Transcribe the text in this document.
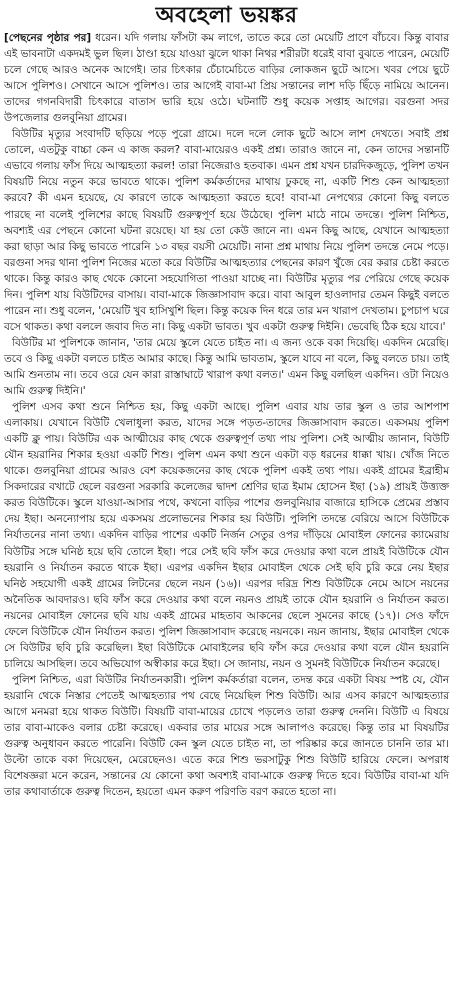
অবহেলা ভয়ঙ্কর

[পেছনের পৃষ্ঠার পর] ধরেন। যদি গলায় ফাঁসটা কম লাগে, তাতে করে তো মেয়েটি প্রাণে বাঁচবে। কিন্তু বাবার এই ভাবনাটা একদমই ভুল ছিল। ঠাণ্ডা হয়ে যাওয়া ঝুলে থাকা নিথর শরীরটা ধরেই বাবা বুঝতে পারেন, মেয়েটি চলে গেছে আরও অনেক আগেই। তার চিৎকার চেঁচামেচিতে বাড়ির লোকজন ছুটে আসে। খবর পেয়ে ছুটে আসে পুলিশও। সেখানে আসে পুলিশও। তার আগেই বাবা-মা প্রিয় সন্তানের লাশ দড়ি ছিঁড়ে নামিয়ে আনেন। তাদের গগনবিদারী চিৎকারে বাতাস ভারি হয়ে ওঠে। ঘটনাটি শুধু কয়েক সপ্তাহ আগের। বরগুনা সদর উপজেলার গুলবুনিয়া গ্রামের।

বিউটির মৃত্যুর সংবাদটি ছড়িয়ে পড়ে পুরো গ্রামে। দলে দলে লোক ছুটে আসে লাশ দেখতে। সবাই প্রশ্ন তোলে, এতটুকু বাচ্চা কেন এ কাজ করল? বাবা-মায়েরও একই প্রশ্ন। তারাও জানে না, কেন তাদের সন্তানটি এভাবে গলায় ফাঁস দিয়ে আত্মহত্যা করল! তারা নিজেরাও হতবাক। এমন প্রশ্ন যখন চারদিকজুড়ে, পুলিশ তখন বিষয়টি নিয়ে নতুন করে ভাবতে থাকে। পুলিশ কর্মকর্তাদের মাথায় ঢুকছে না, একটি শিশু কেন আত্মহত্যা করবে? কী এমন হয়েছে, যে কারণে তাকে আত্মহত্যা করতে হবে! বাবা-মা নেপথ্যের কোনো কিছু বলতে পারছে না বলেই পুলিশের কাছে বিষয়টি গুরুত্বপূর্ণ হয়ে উঠেছে। পুলিশ মাঠে নামে তদন্তে। পুলিশ নিশ্চিত, অবশ্যই এর পেছনে কোনো ঘটনা রয়েছে। যা হয় তো কেউ জানে না। এমন কিছু আছে, যেখানে আত্মহত্যা করা ছাড়া আর কিছু ভাবতে পারেনি ১৩ বছর বয়সী মেয়েটি। নানা প্রশ্ন মাথায় নিয়ে পুলিশ তদন্তে নেমে পড়ে। বরগুনা সদর থানা পুলিশ নিজের মতো করে বিউটির আত্মহত্যার পেছনের কারণ খুঁজে বের করার চেষ্টা করতে থাকে। কিন্তু কারও কাছ থেকে কোনো সহযোগিতা পাওয়া যাচ্ছে না। বিউটির মৃত্যুর পর পেরিয়ে গেছে কয়েক দিন। পুলিশ যায় বিউটিদের বাসায়। বাবা-মাকে জিজ্ঞাসাবাদ করে। বাবা আবুল হাওলাদার তেমন কিছুই বলতে পারেন না। শুধু বলেন, 'মেয়েটি খুব হাসিখুশি ছিল। কিন্তু কয়েক দিন ধরে তার মন খারাপ দেখতাম। চুপচাপ ঘরে বসে থাকত। কথা বললে জবাব দিত না। কিছু একটা ভাবত। খুব একটা গুরুত্ব দিইনি। ভেবেছি ঠিক হয়ে যাবে।'

বিউটির মা পুলিশকে জানান, 'তার মেয়ে স্কুলে যেতে চাইত না। এ জন্য ওকে বকা দিয়েছি। একদিন মেরেছি। তবে ও কিছু একটা বলতে চাইত আমার কাছে। কিন্তু আমি ভাবতাম, স্কুলে যাবে না বলে, কিছু বলতে চায়। তাই আমি শুনতাম না। তবে ওরে যেন কারা রাস্তাঘাটে খারাপ কথা বলত।' এমন কিছু বলছিল একদিন। ওটা নিয়েও আমি গুরুত্ব দিইনি।'

পুলিশ এসব কথা শুনে নিশ্চিত হয়, কিছু একটা আছে। পুলিশ এবার যায় তার স্কুল ও তার আশপাশ এলাকায়। যেখানে বিউটি খেলাধুলা করত, যাদের সঙ্গে পড়ত-তাদের জিজ্ঞাসাবাদ করতে। একসময় পুলিশ একটি ক্লু পায়। বিউটির এক আত্মীয়ের কাছ থেকে গুরুত্বপূর্ণ তথ্য পায় পুলিশ। সেই আত্মীয় জানান, বিউটি যৌন হয়রানির শিকার হওয়া একটি শিশু। পুলিশ এমন কথা শুনে একটা বড় ধরনের ধাক্কা খায়। খোঁজ নিতে থাকে। গুলবুনিয়া গ্রামের আরও বেশ কয়েকজনের কাছ থেকে পুলিশ একই তথ্য পায়। একই গ্রামের ইব্রাহীম সিকদারের বখাটে ছেলে বরগুনা সরকারি কলেজের দ্বাদশ শ্রেণির ছাত্র ইমাম হোসেন ইছা (১৯) প্রায়ই উত্ত্যক্ত করত বিউটিকে। স্কুলে যাওয়া-আসার পথে, কখনো বাড়ির পাশের গুলবুনিয়ার বাজারে হাসিকে প্রেমের প্রস্তাব দেয় ইছা। অনন্যোপায় হয়ে একসময় প্রলোভনের শিকার হয় বিউটি। পুলিশি তদন্তে বেরিয়ে আসে বিউটিকে নির্যাতনের নানা তথ্য। একদিন বাড়ির পাশের একটি নির্জন সেতুর ওপর দাঁড়িয়ে মোবাইল ফোনের ক্যামেরায় বিউটির সঙ্গে ঘনিষ্ঠ হয়ে ছবি তোলে ইছা। পরে সেই ছবি ফাঁস করে দেওয়ার কথা বলে প্রায়ই বিউটিকে যৌন হয়রানি ও নির্যাতন করতে থাকে ইছা। এরপর একদিন ইছার মোবাইল থেকে সেই ছবি চুরি করে নেয় ইছার ঘনিষ্ঠ সহযোগী একই গ্রামের লিটনের ছেলে নয়ন (১৬)। এরপর দরিদ্র শিশু বিউটিকে নেমে আসে নয়নের অনৈতিক আবদারও। ছবি ফাঁস করে দেওয়ার কথা বলে নয়নও প্রায়ই তাকে যৌন হয়রানি ও নির্যাতন করত। নয়নের মোবাইল ফোনের ছবি যায় একই গ্রামের মাহতাব আকনের ছেলে সুমনের কাছে (১৭)। সেও ফাঁদে ফেলে বিউটিকে যৌন নির্যাতন করত। পুলিশ জিজ্ঞাসাবাদ করেছে নয়নকে। নয়ন জানায়, ইছার মোবাইল থেকে সে বিউটির ছবি চুরি করেছিল। ইছা বিউটিকে মোবাইলের ছবি ফাঁস করে দেওয়ার কথা বলে যৌন হয়রানি চালিয়ে আসছিল। তবে অভিযোগ অস্বীকার করে ইছা। সে জানায়, নয়ন ও সুমনই বিউটিকে নির্যাতন করেছে।

পুলিশ নিশ্চিত, এরা বিউটির নির্যাতনকারী। পুলিশ কর্মকর্তারা বলেন, তদন্ত করে একটা বিষয় স্পষ্ট যে, যৌন হয়রানি থেকে নিস্তার পেতেই আত্মহত্যার পথ বেছে নিয়েছিল শিশু বিউটি। আর এসব কারণে আত্মহত্যার আগে মনমরা হয়ে থাকত বিউটি। বিষয়টি বাবা-মায়ের চোখে পড়লেও তারা গুরুত্ব দেননি। বিউটি এ বিষয়ে তার বাবা-মাকেও বলার চেষ্টা করেছে। একবার তার মায়ের সঙ্গে আলাপও করেছে। কিন্তু তার মা বিষয়টির গুরুত্ব অনুধাবন করতে পারেনি। বিউটি কেন স্কুল যেতে চাইত না, তা পরিষ্কার করে জানতে চাননি তার মা। উল্টো তাকে বকা দিয়েছেন, মেরেছেনও। এতে করে শিশু ভরসাটুকু শিশু বিউটি হারিয়ে ফেলে। অপরাধ বিশেষজ্ঞরা মনে করেন, সন্তানের যে কোনো কথা অবশ্যই বাবা-মাকে গুরুত্ব দিতে হবে। বিউটির বাবা-মা যদি তার কথাবার্তাকে গুরুত্ব দিতেন, হয়তো এমন করুণ পরিণতি বরণ করতে হতো না।
